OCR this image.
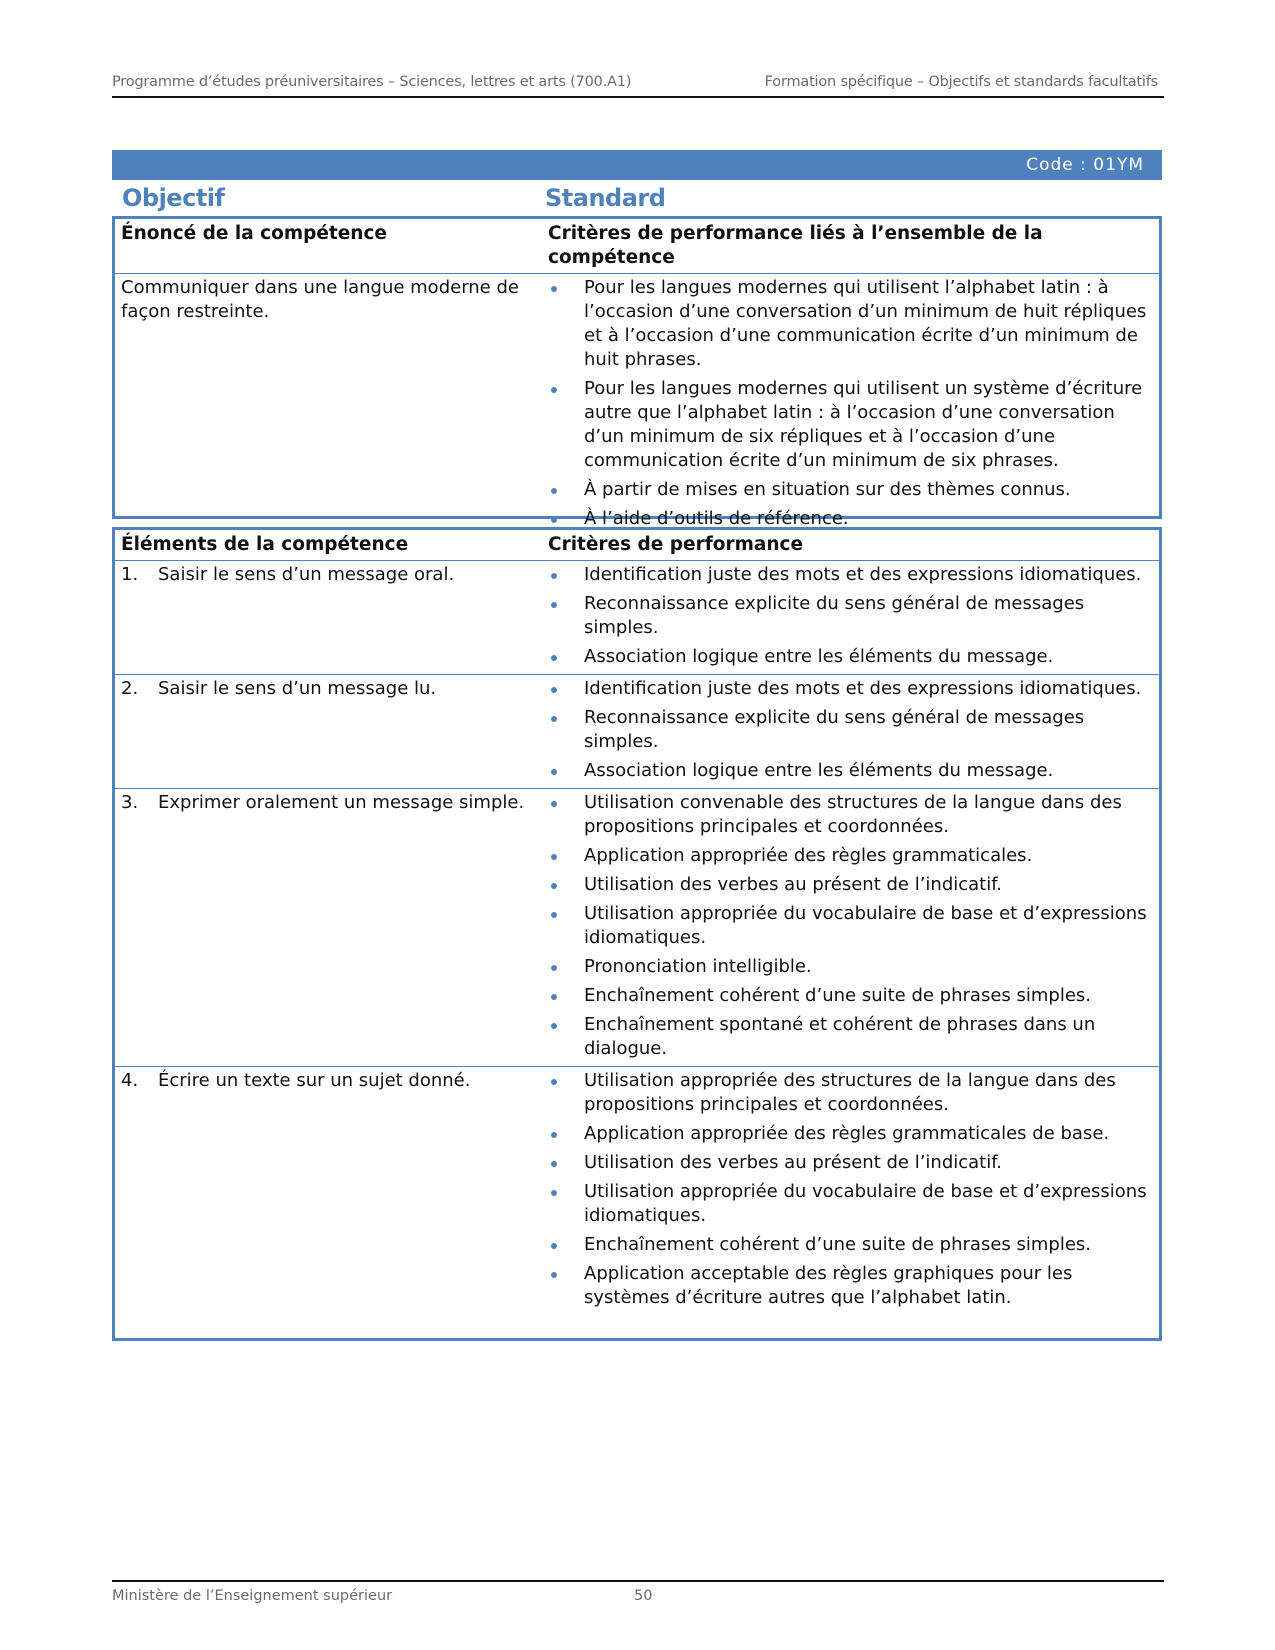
Programme d’études préuniversitaires – Sciences, lettres et arts (700.A1)	Formation spécifique – Objectifs et standards facultatifs
Code : 01YM
Objectif	Standard
Énoncé de la compétence	Critères de performance liés à l’ensemble de la compétence
Communiquer dans une langue moderne de façon restreinte.
Pour les langues modernes qui utilisent l’alphabet latin : à l’occasion d’une conversation d’un minimum de huit répliques et à l’occasion d’une communication écrite d’un minimum de huit phrases.
Pour les langues modernes qui utilisent un système d’écriture autre que l’alphabet latin : à l’occasion d’une conversation d’un minimum de six répliques et à l’occasion d’une communication écrite d’un minimum de six phrases.
À partir de mises en situation sur des thèmes connus.
À l’aide d’outils de référence.
Éléments de la compétence	Critères de performance
1.	Saisir le sens d’un message oral.	Identification juste des mots et des expressions idiomatiques.
Reconnaissance explicite du sens général de messages simples.
Association logique entre les éléments du message.
2.	Saisir le sens d’un message lu.	Identification juste des mots et des expressions idiomatiques.
Reconnaissance explicite du sens général de messages simples.
Association logique entre les éléments du message.
3.	Exprimer oralement un message simple.	Utilisation convenable des structures de la langue dans des propositions principales et coordonnées.
Application appropriée des règles grammaticales.
Utilisation des verbes au présent de l’indicatif.
Utilisation appropriée du vocabulaire de base et d’expressions idiomatiques.
Prononciation intelligible.
Enchaînement cohérent d’une suite de phrases simples.
Enchaînement spontané et cohérent de phrases dans un dialogue.
4.	Écrire un texte sur un sujet donné.	Utilisation appropriée des structures de la langue dans des propositions principales et coordonnées.
Application appropriée des règles grammaticales de base.
Utilisation des verbes au présent de l’indicatif.
Utilisation appropriée du vocabulaire de base et d’expressions idiomatiques.
Enchaînement cohérent d’une suite de phrases simples.
Application acceptable des règles graphiques pour les systèmes d’écriture autres que l’alphabet latin.
Ministère de l’Enseignement supérieur	50
